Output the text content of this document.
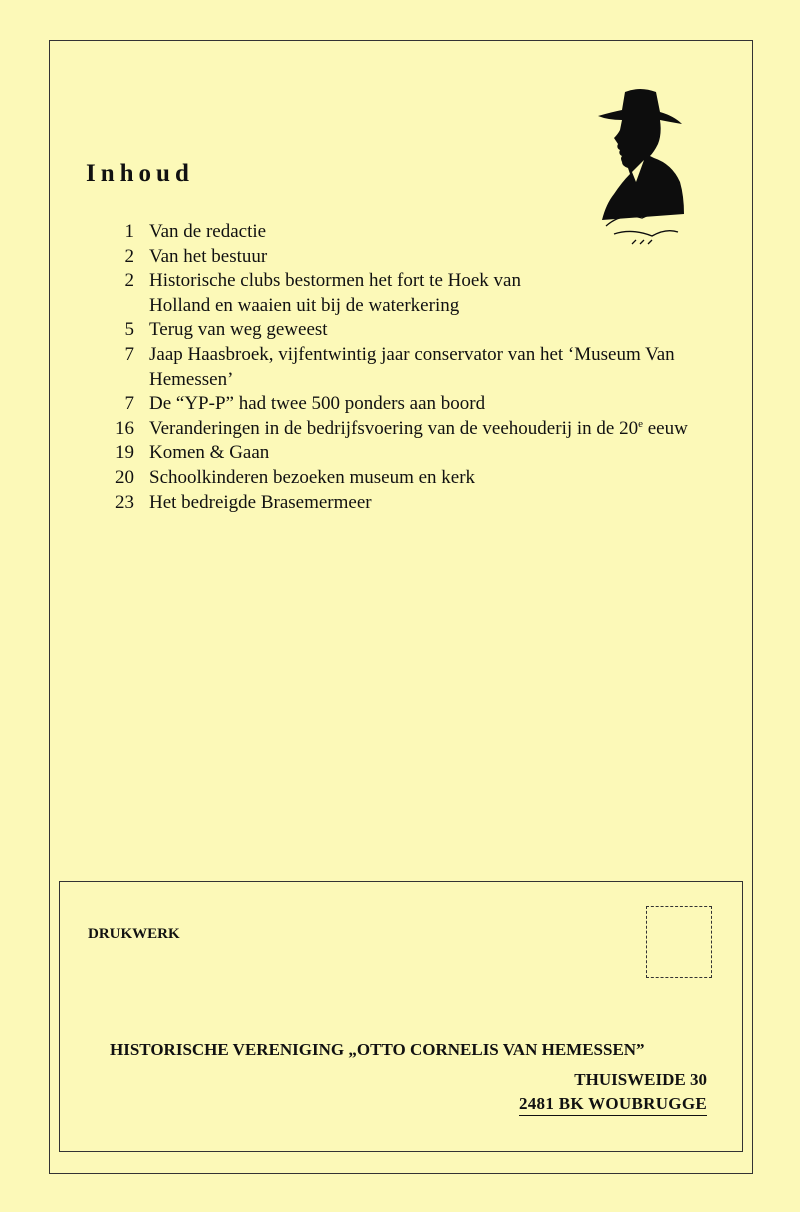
Inhoud
1 Van de redactie
2 Van het bestuur
2 Historische clubs bestormen het fort te Hoek van Holland en waaien uit bij de waterkering
5 Terug van weg geweest
7 Jaap Haasbroek, vijfentwintig jaar conservator van het ‘Museum Van Hemessen’
7 De “YP-P” had twee 500 ponders aan boord
16 Veranderingen in de bedrijfsvoering van de veehouderij in de 20e eeuw
19 Komen & Gaan
20 Schoolkinderen bezoeken museum en kerk
23 Het bedreigde Brasemermeer
DRUKWERK
HISTORISCHE VERENIGING „OTTO CORNELIS VAN HEMESSEN”
THUISWEIDE 30
2481 BK WOUBRUGGE
